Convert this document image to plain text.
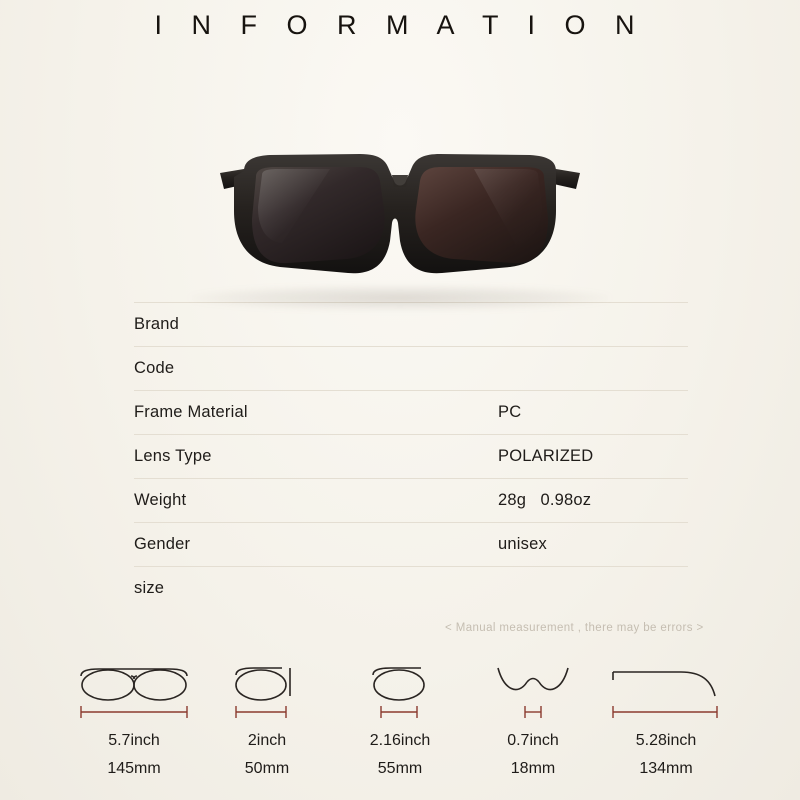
I N F O R M A T I O N
Brand	
Code	
Frame Material	PC
Lens Type	POLARIZED
Weight	28g   0.98oz
Gender	unisex
size	
< Manual measurement , there may be errors >
5.7inch
145mm
2inch
50mm
2.16inch
55mm
0.7inch
18mm
5.28inch
134mm
